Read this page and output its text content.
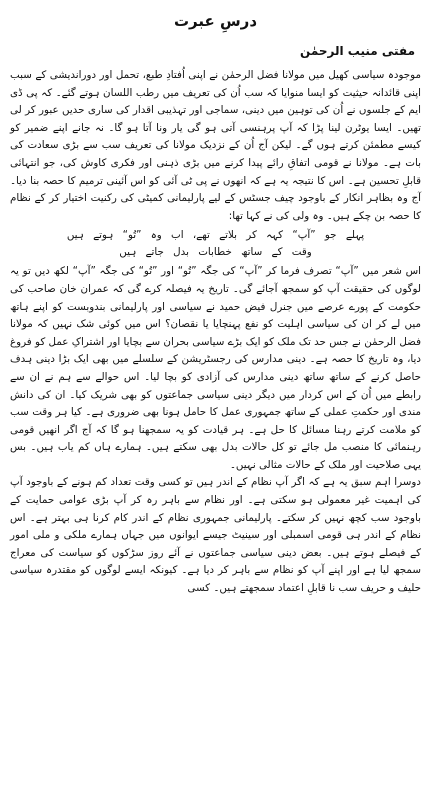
درسِ عبرت
مفتی منیب الرحمٰن

موجودہ سیاسی کھیل میں مولانا فضل الرحمٰن نے اپنی اُفتادِ طبع، تحمل اور دوراندیشی کے سبب اپنی قائدانہ حیثیت کو ایسا منوایا کہ سب اُن کی تعریف میں رطب اللسان ہوتے گئے۔ کہ پی ڈی ایم کے جلسوں نے اُن کی توہین میں دینی، سماجی اور تہذیبی اقدار کی ساری حدیں عبور کر لی تھیں۔ ایسا یوٹرن لینا پڑا کہ آپ پرہنسی آتی ہو گی یار ونا آتا ہو گا۔ نہ جانے اپنے ضمیر کو کیسے مطمئن کرتے ہوں گے۔ لیکن آج اُن کے نزدیک مولانا کی تعریف سب سے بڑی سعادت کی بات ہے۔ مولانا نے قومی اتفاقِ رائے پیدا کرنے میں بڑی ذہنی اور فکری کاوش کی، جو انتہائی قابلِ تحسین ہے۔ اس کا نتیجہ یہ ہے کہ انھوں نے پی ٹی آئی کو اس آئینی ترمیم کا حصہ بنا دیا۔ آج وہ بظاہر انکار کے باوجود چیف جسٹس کے لیے پارلیمانی کمیٹی کی رکنیت اختیار کر کے نظام کا حصہ بن چکے ہیں۔ وہ ولی کی نے کہا تھا:

پہلے جو ”آپ“ کہہ کر بلاتے تھے، اب وہ ”تُو“ ہوتے ہیں
وقت کے ساتھ خطابات بدل جاتے ہیں

اس شعر میں ”آپ“ تصرف فرما کر ”آپ“ کی جگہ ”تُو“ اور ”تُو“ کی جگہ ”آپ“ لکھ دیں تو یہ لوگوں کی حقیقت آپ کو سمجھ آجائے گی۔ تاریخ یہ فیصلہ کرے گی کہ عمران خان صاحب کی حکومت کے پورے عرصے میں جنرل فیض حمید نے سیاسی اور پارلیمانی بندوبست کو اپنے ہاتھ میں لے کر ان کی سیاسی اہلیت کو نفع پہنچایا یا نقصان؟ اس میں کوئی شک نہیں کہ مولانا فضل الرحمٰن نے جس حد تک ملک کو ایک بڑے سیاسی بحران سے بچایا اور اشتراکِ عمل کو فروغ دیا، وہ تاریخ کا حصہ ہے۔ دینی مدارس کی رجسٹریشن کے سلسلے میں بھی ایک بڑا دینی ہدف حاصل کرنے کے ساتھ ساتھ دینی مدارس کی آزادی کو بچا لیا۔ اس حوالے سے ہم نے ان سے رابطے میں اُن کے اس کردار میں دیگر دینی سیاسی جماعتوں کو بھی شریک کیا۔ ان کی دانش مندی اور حکمتِ عملی کے ساتھ جمہوری عمل کا حامل ہونا بھی ضروری ہے۔ کیا ہر وقت سب کو ملامت کرتے رہنا مسائل کا حل ہے۔ ہر قیادت کو یہ سمجھنا ہو گا کہ آج اگر انھیں قومی رہنمائی کا منصب مل جائے تو کل حالات بدل بھی سکتے ہیں۔ ہمارے ہاں کم یاب ہیں۔ بس یہی صلاحیت اور ملک کے حالات مثالی نہیں۔

دوسرا اہم سبق یہ ہے کہ اگر آپ نظام کے اندر ہیں تو کسی وقت تعداد کم ہونے کے باوجود آپ کی اہمیت غیر معمولی ہو سکتی ہے۔ اور نظام سے باہر رہ کر آپ بڑی عوامی حمایت کے باوجود سب کچھ نہیں کر سکتے۔ پارلیمانی جمہوری نظام کے اندر کام کرنا ہی بہتر ہے۔ اس نظام کے اندر ہی قومی اسمبلی اور سینیٹ جیسے ایوانوں میں جہاں ہمارے ملکی و ملی امور کے فیصلے ہوتے ہیں۔ بعض دینی سیاسی جماعتوں نے آئے روز سڑکوں کو سیاست کی معراج سمجھ لیا ہے اور اپنے آپ کو نظام سے باہر کر دیا ہے۔ کیونکہ ایسے لوگوں کو مقتدرہ سیاسی حلیف و حریف سب نا قابلِ اعتماد سمجھتے ہیں۔ کسی
